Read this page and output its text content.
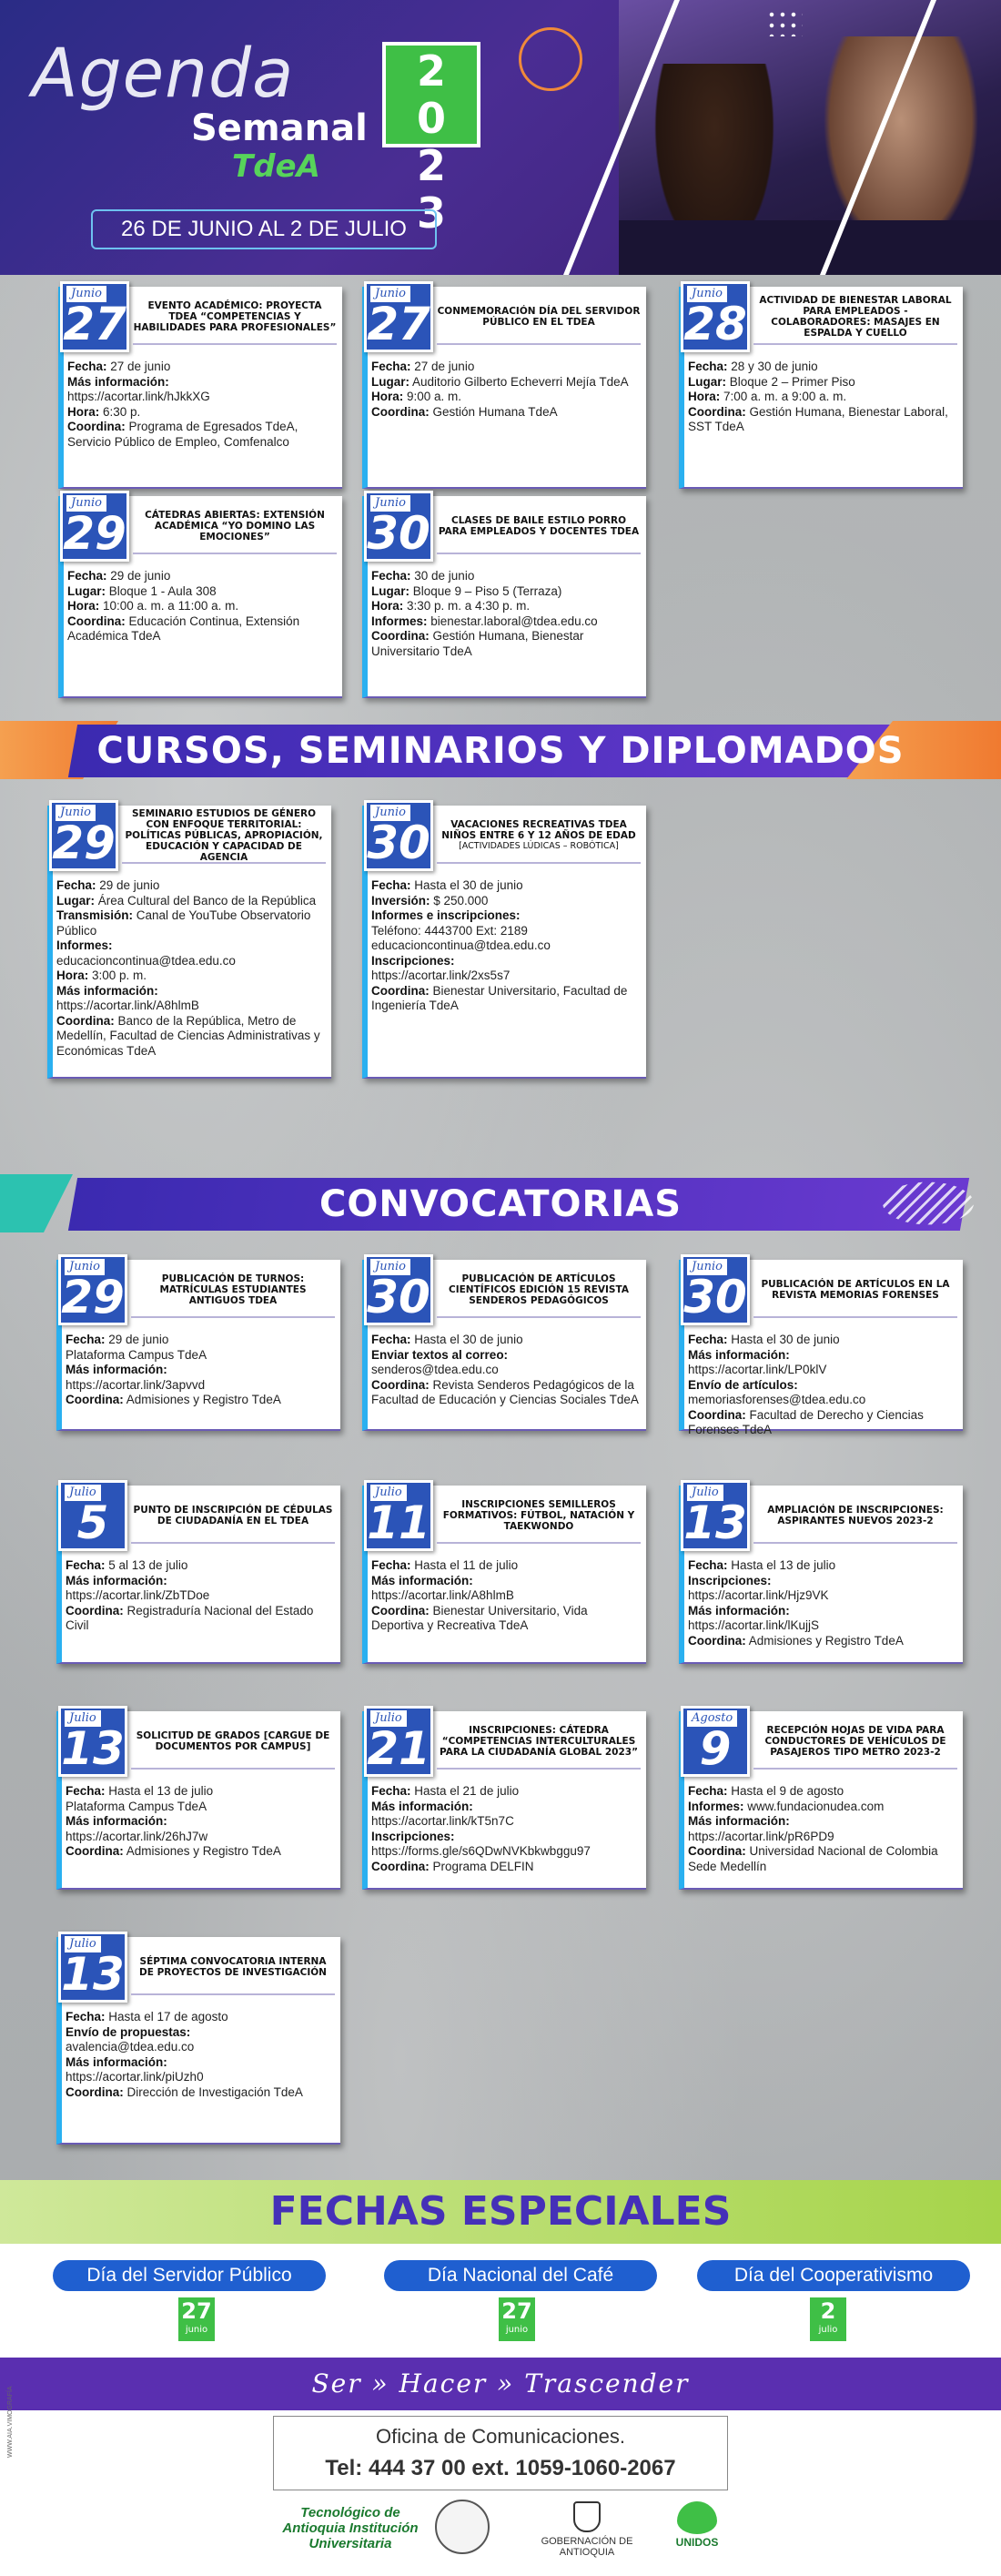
Agenda
Semanal
TdeA
2023
26 DE JUNIO AL 2 DE JULIO
Junio
27	EVENTO ACADÉMICO: PROYECTA TDEA “COMPETENCIAS Y HABILIDADES PARA PROFESIONALES”
Fecha: 27 de junio
Más información:
https://acortar.link/hJkkXG
Hora: 6:30 p.
Coordina: Programa de Egresados TdeA, Servicio Público de Empleo, Comfenalco
Junio
27 CONMEMORACIÓN DÍA DEL SERVIDOR PÚBLICO EN EL TDEA
Fecha: 27 de junio
Lugar: Auditorio Gilberto Echeverri Mejía TdeA
Hora: 9:00 a. m.
Coordina: Gestión Humana TdeA
Junio
28	ACTIVIDAD DE BIENESTAR LABORAL PARA EMPLEADOS - COLABORADORES: MASAJES EN ESPALDA Y CUELLO
Fecha: 28 y 30 de junio
Lugar: Bloque 2 – Primer Piso
Hora: 7:00 a. m. a 9:00 a. m.
Coordina: Gestión Humana, Bienestar Laboral, SST TdeA
Junio
29	CÁTEDRAS ABIERTAS: EXTENSIÓN ACADÉMICA “YO DOMINO LAS EMOCIONES”
Fecha: 29 de junio
Lugar: Bloque 1 - Aula 308
Hora: 10:00 a. m. a 11:00 a. m.
Coordina: Educación Continua, Extensión Académica TdeA
Junio
30	CLASES DE BAILE ESTILO PORRO PARA EMPLEADOS Y DOCENTES TDEA
Fecha: 30 de junio
Lugar: Bloque 9 – Piso 5 (Terraza)
Hora: 3:30 p. m. a 4:30 p. m.
Informes: bienestar.laboral@tdea.edu.co
Coordina: Gestión Humana, Bienestar Universitario TdeA
Junio
29
SEMINARIO ESTUDIOS DE GÉNERO CON ENFOQUE TERRITORIAL: POLÍTICAS PÚBLICAS, APROPIACIÓN, EDUCACIÓN Y CAPACIDAD DE AGENCIA
Fecha: 29 de junio
Lugar: Área Cultural del Banco de la República
Transmisión: Canal de YouTube Observatorio Público
Informes:
educacioncontinua@tdea.edu.co
Hora: 3:00 p. m.
Más información:
https://acortar.link/A8hlmB
Coordina: Banco de la República, Metro de Medellín, Facultad de Ciencias Administrativas y Económicas TdeA
Junio
30	VACACIONES RECREATIVAS TDEA NIÑOS ENTRE 6 Y 12 AÑOS DE EDAD
[ACTIVIDADES LÚDICAS – ROBÓTICA]
Fecha: Hasta el 30 de junio
Inversión: $ 250.000
Informes e inscripciones:
Teléfono: 4443700 Ext: 2189
educacioncontinua@tdea.edu.co
Inscripciones:
https://acortar.link/2xs5s7
Coordina: Bienestar Universitario, Facultad de Ingeniería TdeA
Junio
29	PUBLICACIÓN DE TURNOS: MATRÍCULAS ESTUDIANTES ANTIGUOS TDEA
Fecha: 29 de junio
Plataforma Campus TdeA
Más información:
https://acortar.link/3apvvd
Coordina: Admisiones y Registro TdeA
Junio
30	PUBLICACIÓN DE ARTÍCULOS CIENTÍFICOS EDICIÓN 15 REVISTA SENDEROS PEDAGÓGICOS
Fecha: Hasta el 30 de junio
Enviar textos al correo:
senderos@tdea.edu.co
Coordina: Revista Senderos Pedagógicos de la Facultad de Educación y Ciencias Sociales TdeA
Junio
30	PUBLICACIÓN DE ARTÍCULOS EN LA REVISTA MEMORIAS FORENSES
Fecha: Hasta el 30 de junio
Más información:
https://acortar.link/LP0klV
Envío de artículos:
memoriasforenses@tdea.edu.co
Coordina: Facultad de Derecho y Ciencias Forenses TdeA
Julio
5	PUNTO DE INSCRIPCIÓN DE CÉDULAS DE CIUDADANÍA EN EL TDEA
Fecha: 5 al 13 de julio
Más información:
https://acortar.link/ZbTDoe
Coordina: Registraduría Nacional del Estado Civil
Julio
11	INSCRIPCIONES SEMILLEROS FORMATIVOS: FÚTBOL, NATACIÓN Y TAEKWONDO
Fecha: Hasta el 11 de julio
Más información:
https://acortar.link/A8hlmB
Coordina: Bienestar Universitario, Vida Deportiva y Recreativa TdeA
Julio
13	AMPLIACIÓN DE INSCRIPCIONES: ASPIRANTES NUEVOS 2023-2
Fecha: Hasta el 13 de julio
Inscripciones:
https://acortar.link/Hjz9VK
Más información:
https://acortar.link/lKujjS
Coordina: Admisiones y Registro TdeA
Julio
13	SOLICITUD DE GRADOS [CARGUE DE DOCUMENTOS POR CAMPUS]
Fecha: Hasta el 13 de julio
Plataforma Campus TdeA
Más información:
https://acortar.link/26hJ7w
Coordina: Admisiones y Registro TdeA
Julio
21	INSCRIPCIONES: CÁTEDRA “COMPETENCIAS INTERCULTURALES PARA LA CIUDADANÍA GLOBAL 2023”
Fecha: Hasta el 21 de julio
Más información:
https://acortar.link/kT5n7C
Inscripciones:
https://forms.gle/s6QDwNVKbkwbggu97
Coordina: Programa DELFIN
Agosto
9	RECEPCIÓN HOJAS DE VIDA PARA CONDUCTORES DE VEHÍCULOS DE PASAJEROS TIPO METRO 2023-2
Fecha: Hasta el 9 de agosto
Informes: www.fundacionudea.com
Más información:
https://acortar.link/pR6PD9
Coordina: Universidad Nacional de Colombia Sede Medellín
Julio
13	SÉPTIMA CONVOCATORIA INTERNA DE PROYECTOS DE INVESTIGACIÓN
Fecha: Hasta el 17 de agosto
Envío de propuestas:
avalencia@tdea.edu.co
Más información:
https://acortar.link/piUzh0
Coordina: Dirección de Investigación TdeA
CURSOS, SEMINARIOS Y DIPLOMADOS
CONVOCATORIAS
FECHAS ESPECIALES
Día del Servidor Público	Día Nacional del Café	Día del Cooperativismo
27
junio
27
junio
2
julio
Ser » Hacer » Trascender
Oficina de Comunicaciones.
Tel: 444 37 00 ext. 1059-1060-2067
WWW.AIA.VIMOGRAFÍA
Tecnológico de Antioquia Institución Universitaria	GOBERNACIÓN DE ANTIOQUIA
UNIDOS
